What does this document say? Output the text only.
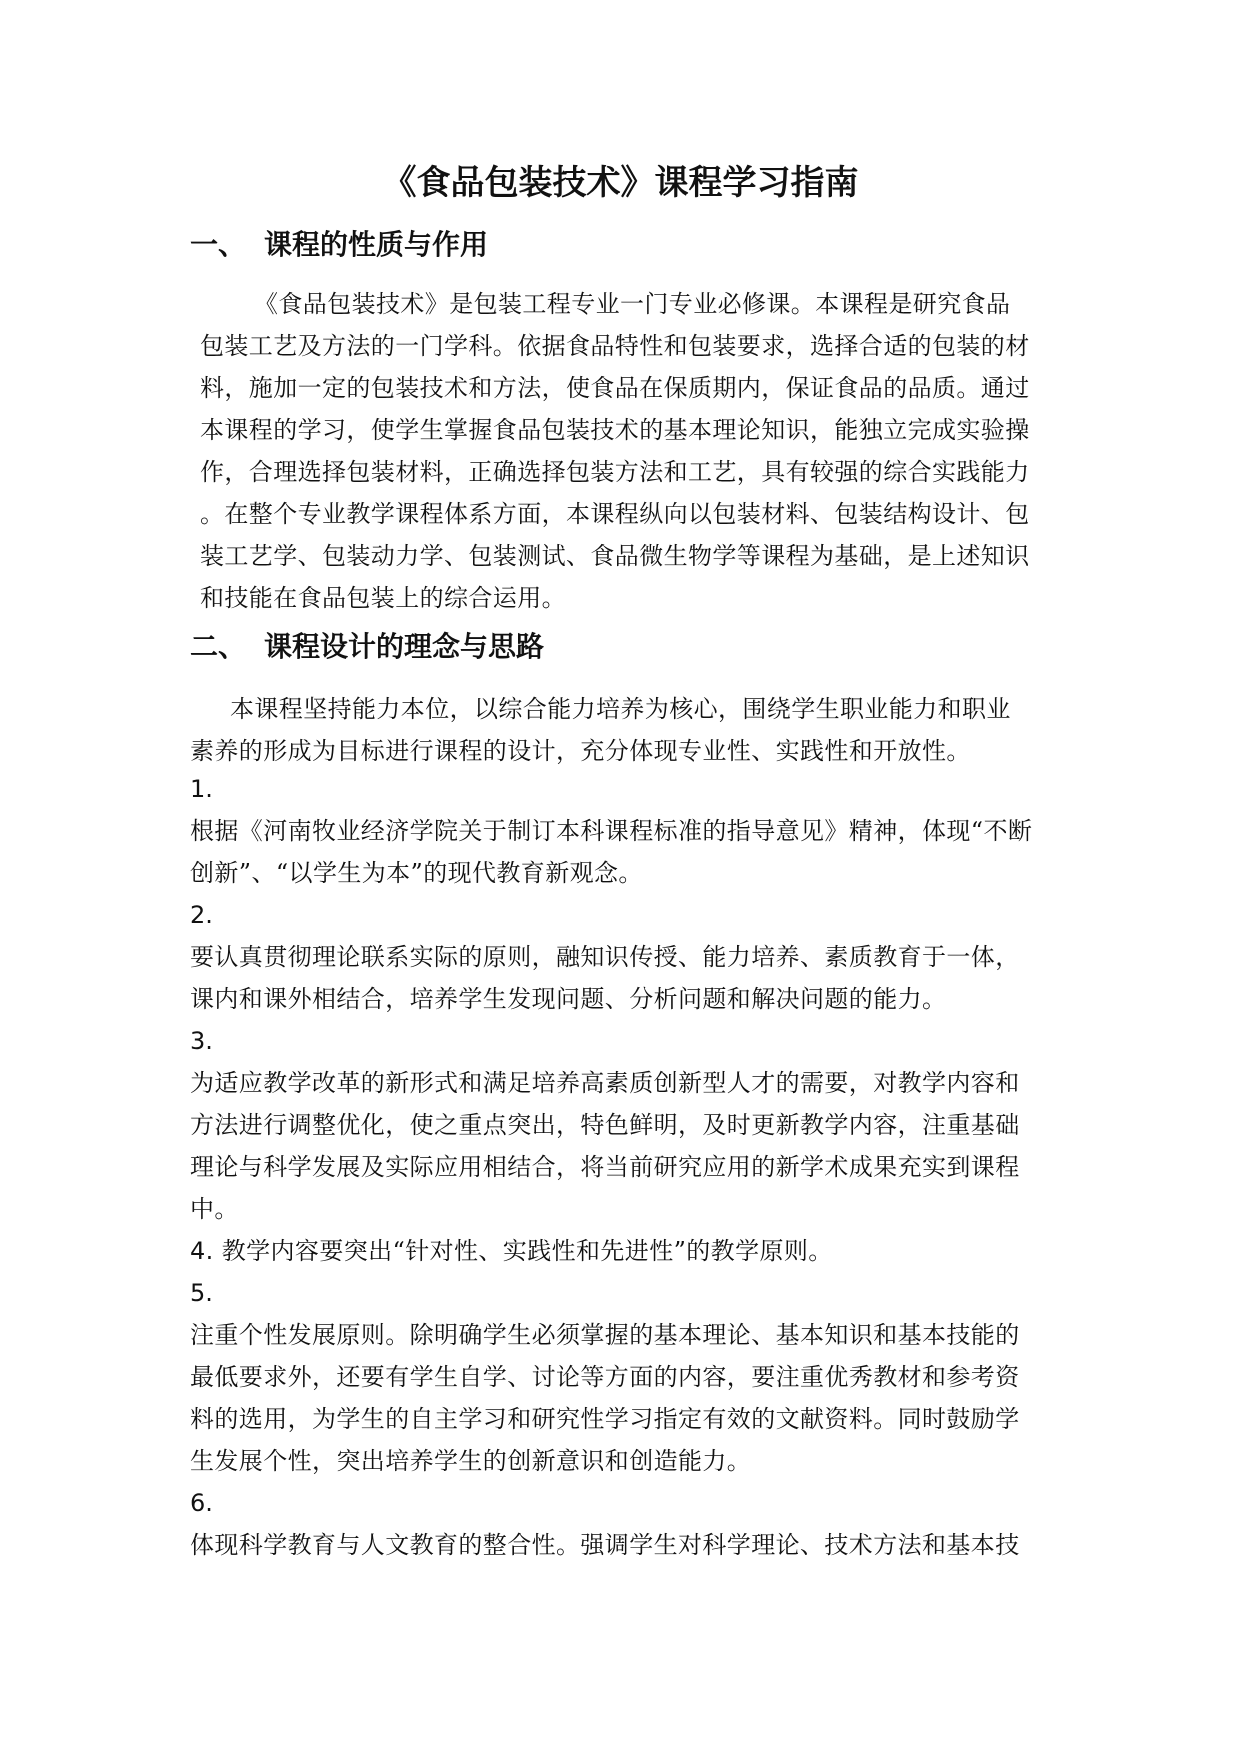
《食品包装技术》课程学习指南
一、 课程的性质与作用
《食品包装技术》是包装工程专业一门专业必修课。本课程是研究食品
包装工艺及方法的一门学科。依据食品特性和包装要求，选择合适的包装的材
料，施加一定的包装技术和方法，使食品在保质期内，保证食品的品质。通过
本课程的学习，使学生掌握食品包装技术的基本理论知识，能独立完成实验操
作，合理选择包装材料，正确选择包装方法和工艺，具有较强的综合实践能力
。在整个专业教学课程体系方面，本课程纵向以包装材料、包装结构设计、包
装工艺学、包装动力学、包装测试、食品微生物学等课程为基础，是上述知识
和技能在食品包装上的综合运用。
二、 课程设计的理念与思路
本课程坚持能力本位，以综合能力培养为核心，围绕学生职业能力和职业
素养的形成为目标进行课程的设计，充分体现专业性、实践性和开放性。
1.
根据《河南牧业经济学院关于制订本科课程标准的指导意见》精神，体现“不断
创新”、“以学生为本”的现代教育新观念。
2.
要认真贯彻理论联系实际的原则，融知识传授、能力培养、素质教育于一体，
课内和课外相结合，培养学生发现问题、分析问题和解决问题的能力。
3.
为适应教学改革的新形式和满足培养高素质创新型人才的需要，对教学内容和
方法进行调整优化，使之重点突出，特色鲜明，及时更新教学内容，注重基础
理论与科学发展及实际应用相结合，将当前研究应用的新学术成果充实到课程
中。
4. 教学内容要突出“针对性、实践性和先进性”的教学原则。
5.
注重个性发展原则。除明确学生必须掌握的基本理论、基本知识和基本技能的
最低要求外，还要有学生自学、讨论等方面的内容，要注重优秀教材和参考资
料的选用，为学生的自主学习和研究性学习指定有效的文献资料。同时鼓励学
生发展个性，突出培养学生的创新意识和创造能力。
6.
体现科学教育与人文教育的整合性。强调学生对科学理论、技术方法和基本技
